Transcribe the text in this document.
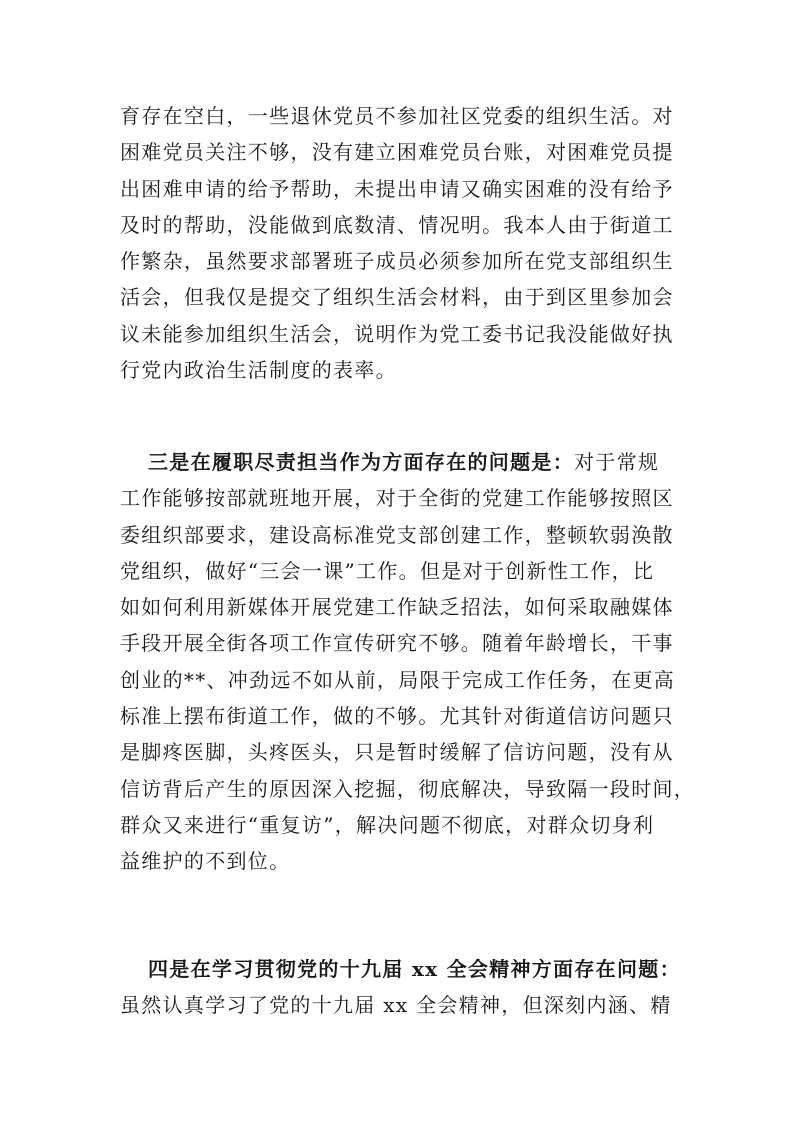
育存在空白，一些退休党员不参加社区党委的组织生活。对
困难党员关注不够，没有建立困难党员台账，对困难党员提
出困难申请的给予帮助，未提出申请又确实困难的没有给予
及时的帮助，没能做到底数清、情况明。我本人由于街道工
作繁杂，虽然要求部署班子成员必须参加所在党支部组织生
活会，但我仅是提交了组织生活会材料，由于到区里参加会
议未能参加组织生活会，说明作为党工委书记我没能做好执
行党内政治生活制度的表率。
三是在履职尽责担当作为方面存在的问题是：对于常规
工作能够按部就班地开展，对于全街的党建工作能够按照区
委组织部要求，建设高标准党支部创建工作，整顿软弱涣散
党组织，做好“三会一课”工作。但是对于创新性工作，比
如如何利用新媒体开展党建工作缺乏招法，如何采取融媒体
手段开展全街各项工作宣传研究不够。随着年龄增长，干事
创业的**、冲劲远不如从前，局限于完成工作任务，在更高
标准上摆布街道工作，做的不够。尤其针对街道信访问题只
是脚疼医脚，头疼医头，只是暂时缓解了信访问题，没有从
信访背后产生的原因深入挖掘，彻底解决，导致隔一段时间，
群众又来进行“重复访”，解决问题不彻底，对群众切身利
益维护的不到位。
四是在学习贯彻党的十九届 xx 全会精神方面存在问题：
虽然认真学习了党的十九届 xx 全会精神，但深刻内涵、精
